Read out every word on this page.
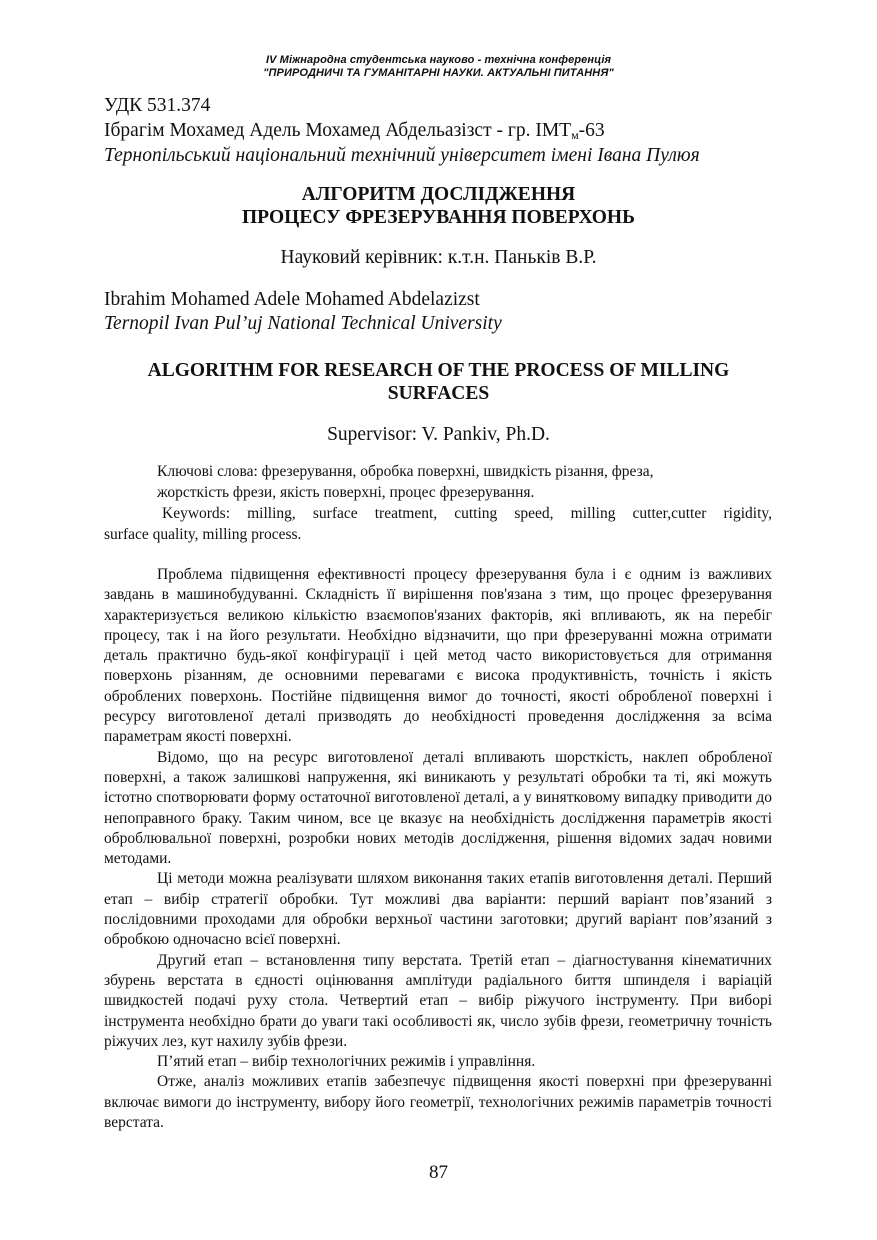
IV Міжнародна студентська науково - технічна конференція
"ПРИРОДНИЧІ ТА ГУМАНІТАРНІ НАУКИ. АКТУАЛЬНІ ПИТАННЯ"
УДК 531.374
Ібрагім Мохамед Адель Мохамед Абдельазізст - гр. $ІМТ_м-63$
Тернопільський національний технічний університет імені Івана Пулюя
АЛГОРИТМ ДОСЛІДЖЕННЯ
ПРОЦЕСУ ФРЕЗЕРУВАННЯ ПОВЕРХОНЬ
Науковий керівник: к.т.н. Паньків В.Р.
Ibrahim Mohamed Adele Mohamed Abdelazizst
Ternopil Ivan Pul’uj National Technical University
ALGORITHM FOR RESEARCH OF THE PROCESS OF MILLING
SURFACES
Supervisor: V. Pankiv, Ph.D.
Ключові слова: фрезерування, обробка поверхні, швидкість різання, фреза,
жорсткість фрези, якість поверхні, процес фрезерування.
Keywords: milling, surface treatment, cutting speed, milling cutter,cutter rigidity,
surface quality, milling process.

Проблема підвищення ефективності процесу фрезерування була і є одним із важливих завдань в машинобудуванні. Складність її вирішення пов'язана з тим, що процес фрезерування характеризується великою кількістю взаємопов'язаних факторів, які впливають, як на перебіг процесу, так і на його результати. Необхідно відзначити, що при фрезеруванні можна отримати деталь практично будь-якої конфігурації і цей метод часто використовується для отримання поверхонь різанням, де основними перевагами є висока продуктивність, точність і якість оброблених поверхонь. Постійне підвищення вимог до точності, якості обробленої поверхні і ресурсу виготовленої деталі призводять до необхідності проведення дослідження за всіма параметрам якості поверхні.

Відомо, що на ресурс виготовленої деталі впливають шорсткість, наклеп обробленої поверхні, а також залишкові напруження, які виникають у результаті обробки та ті, які можуть істотно спотворювати форму остаточної виготовленої деталі, а у винятковому випадку приводити до непоправного браку. Таким чином, все це вказує на необхідність дослідження параметрів якості оброблювальної поверхні, розробки нових методів дослідження, рішення відомих задач новими методами.

Ці методи можна реалізувати шляхом виконання таких етапів виготовлення деталі. Перший етап – вибір стратегії обробки. Тут можливі два варіанти: перший варіант пов’язаний з послідовними проходами для обробки верхньої частини заготовки; другий варіант пов’язаний з обробкою одночасно всієї поверхні.

Другий етап – встановлення типу верстата. Третій етап – діагностування кінематичних збурень верстата в єдності оцінювання амплітуди радіального биття шпинделя і варіацій швидкостей подачі руху стола. Четвертий етап – вибір ріжучого інструменту. При виборі інструмента необхідно брати до уваги такі особливості як, число зубів фрези, геометричну точність ріжучих лез, кут нахилу зубів фрези.

П’ятий етап – вибір технологічних режимів і управління.

Отже, аналіз можливих етапів забезпечує підвищення якості поверхні при фрезеруванні включає вимоги до інструменту, вибору його геометрії, технологічних режимів параметрів точності верстата.

87
